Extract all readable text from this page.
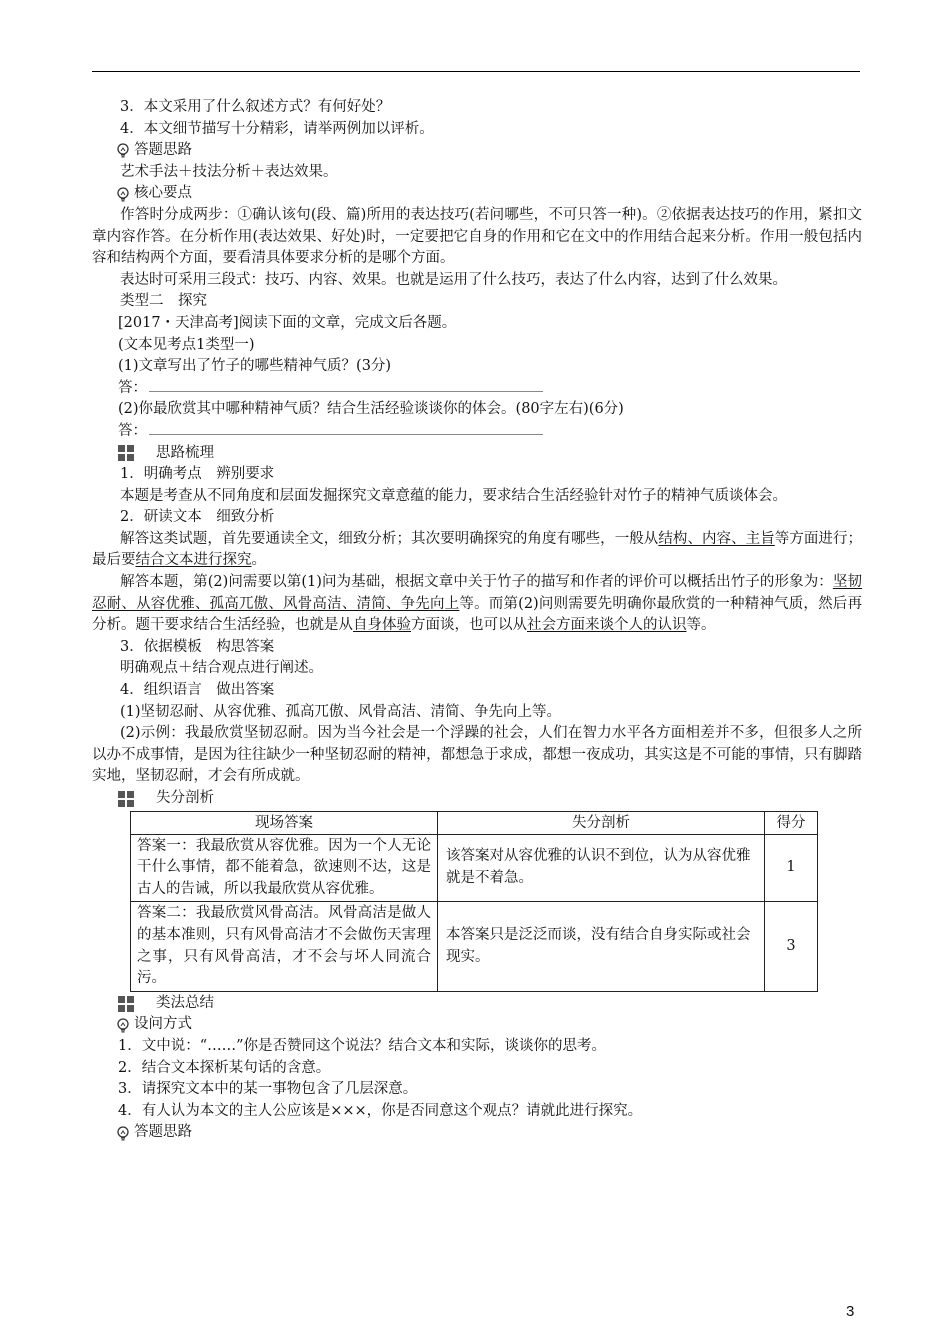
3．本文采用了什么叙述方式？有何好处？
4．本文细节描写十分精彩，请举两例加以评析。
答题思路
艺术手法＋技法分析＋表达效果。
核心要点
作答时分成两步：①确认该句(段、篇)所用的表达技巧(若问哪些，不可只答一种)。②依据表达技巧的作用，紧扣文章内容作答。在分析作用(表达效果、好处)时，一定要把它自身的作用和它在文中的作用结合起来分析。作用一般包括内容和结构两个方面，要看清具体要求分析的是哪个方面。
表达时可采用三段式：技巧、内容、效果。也就是运用了什么技巧，表达了什么内容，达到了什么效果。
类型二　探究
[2017・天津高考]阅读下面的文章，完成文后各题。
(文本见考点1类型一)
(1)文章写出了竹子的哪些精神气质？(3分)
答：
(2)你最欣赏其中哪种精神气质？结合生活经验谈谈你的体会。(80字左右)(6分)
答：
思路梳理
1．明确考点　辨别要求
本题是考查从不同角度和层面发掘探究文章意蕴的能力，要求结合生活经验针对竹子的精神气质谈体会。
2．研读文本　细致分析
解答这类试题，首先要通读全文，细致分析；其次要明确探究的角度有哪些，一般从结构、内容、主旨等方面进行；最后要结合文本进行探究。
解答本题，第(2)问需要以第(1)问为基础，根据文章中关于竹子的描写和作者的评价可以概括出竹子的形象为：坚韧忍耐、从容优雅、孤高兀傲、风骨高洁、清简、争先向上等。而第(2)问则需要先明确你最欣赏的一种精神气质，然后再分析。题干要求结合生活经验，也就是从自身体验方面谈，也可以从社会方面来谈个人的认识等。
3．依据模板　构思答案
明确观点＋结合观点进行阐述。
4．组织语言　做出答案
(1)坚韧忍耐、从容优雅、孤高兀傲、风骨高洁、清简、争先向上等。
(2)示例：我最欣赏坚韧忍耐。因为当今社会是一个浮躁的社会，人们在智力水平各方面相差并不多，但很多人之所以办不成事情，是因为往往缺少一种坚韧忍耐的精神，都想急于求成，都想一夜成功，其实这是不可能的事情，只有脚踏实地，坚韧忍耐，才会有所成就。
失分剖析
现场答案	失分剖析	得分
答案一：我最欣赏从容优雅。因为一个人无论干什么事情，都不能着急，欲速则不达，这是古人的告诫，所以我最欣赏从容优雅。	该答案对从容优雅的认识不到位，认为从容优雅就是不着急。	1
答案二：我最欣赏风骨高洁。风骨高洁是做人的基本准则，只有风骨高洁才不会做伤天害理之事，只有风骨高洁，才不会与坏人同流合污。	本答案只是泛泛而谈，没有结合自身实际或社会现实。	3
类法总结
设问方式
1．文中说：“……”你是否赞同这个说法？结合文本和实际，谈谈你的思考。
2．结合文本探析某句话的含意。
3．请探究文本中的某一事物包含了几层深意。
4．有人认为本文的主人公应该是×××，你是否同意这个观点？请就此进行探究。
答题思路
3
